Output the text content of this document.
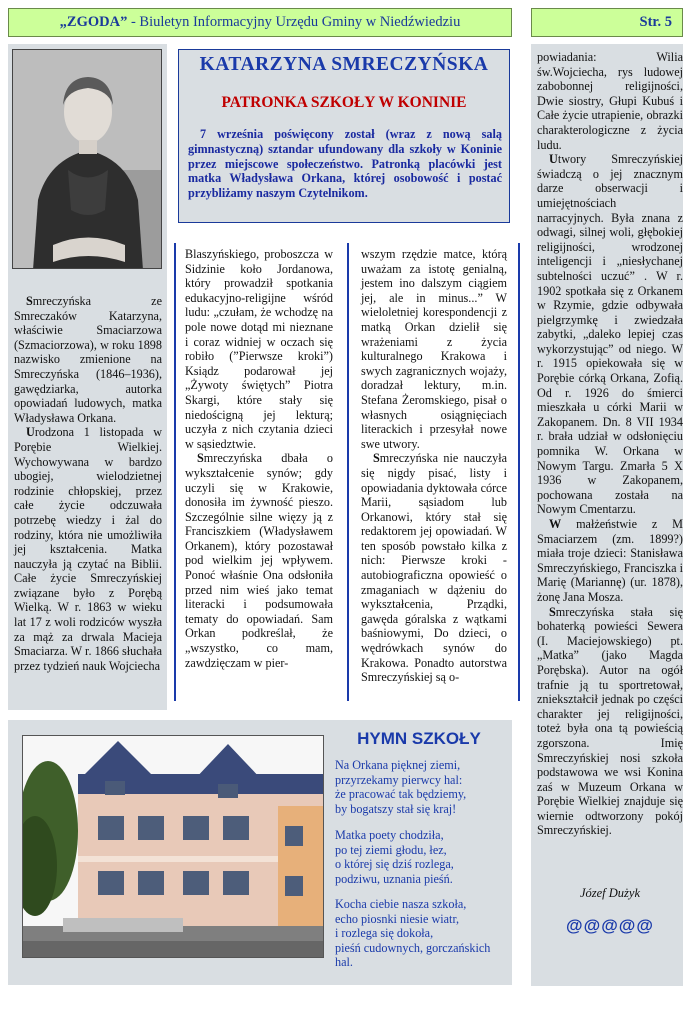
„ZGODA” - Biuletyn Informacyjny Urzędu Gminy w Niedźwiedziu	Str. 5

Smreczyńska ze Smreczaków Katarzyna, właściwie Smaciarzowa (Szmaciorzowa), w roku 1898 nazwisko zmienione na Smreczyńska (1846–1936), gawędziarka, autorka opowiadań ludowych, matka Władysława Orkana.

Urodzona 1 listopada w Porębie Wielkiej. Wychowywana w bardzo ubogiej, wielodzietnej rodzinie chłopskiej, przez całe życie odczuwała potrzebę wiedzy i żal do rodziny, która nie umożliwiła jej kształcenia. Matka nauczyła ją czytać na Biblii. Całe życie Smreczyńskiej związane było z Porębą Wielką. W r. 1863 w wieku lat 17 z woli rodziców wyszła za mąż za drwala Macieja Smaciarza. W r. 1866 słuchała przez tydzień nauk Wojciecha

KATARZYNA SMRECZYŃSKA
PATRONKA SZKOŁY W KONINIE
7 września poświęcony został (wraz z nową salą gimnastyczną) sztandar ufundowany dla szkoły w Koninie przez miejscowe społeczeństwo. Patronką placówki jest matka Władysława Orkana, której osobowość i postać przybliżamy naszym Czytelnikom.

Blaszyńskiego, proboszcza w Sidzinie koło Jordanowa, który prowadził spotkania edukacyjno-religijne wśród ludu: „czułam, że wchodzę na pole nowe dotąd mi nieznane i coraz widniej w oczach się robiło (”Pierwsze kroki”) Ksiądz podarował jej „Żywoty świętych” Piotra Skargi, które stały się niedościgną jej lekturą; uczyła z nich czytania dzieci w sąsiedztwie.

Smreczyńska dbała o wykształcenie synów; gdy uczyli się w Krakowie, donosiła im żywność pieszo. Szczególnie silne więzy ją z Franciszkiem (Władysławem Orkanem), który pozostawał pod wielkim jej wpływem. Ponoć właśnie Ona odsłoniła przed nim wieś jako temat literacki i podsumowała tematy do opowiadań. Sam Orkan podkreślał, że „wszystko, co mam, zawdzięczam w pier-

wszym rzędzie matce, którą uważam za istotę genialną, jestem ino dalszym ciągiem jej, ale in minus...” W wieloletniej korespondencji z matką Orkan dzielił się wrażeniami z życia kulturalnego Krakowa i swych zagranicznych wojaży, doradzał lektury, m.in. Stefana Żeromskiego, pisał o własnych osiągnięciach literackich i przesyłał nowe swe utwory.

Smreczyńska nie nauczyła się nigdy pisać, listy i opowiadania dyktowała córce Marii, sąsiadom lub Orkanowi, który stał się redaktorem jej opowiadań. W ten sposób powstało kilka z nich: Pierwsze kroki - autobiograficzna opowieść o zmaganiach w dążeniu do wykształcenia, Prządki, gawęda góralska z wątkami baśniowymi, Do dzieci, o wędrówkach synów do Krakowa. Ponadto autorstwa Smreczyńskiej są o-

HYMN SZKOŁY
Na Orkana pięknej ziemi,
przyrzekamy pierwcy hal:
że pracować tak będziemy,
by bogatszy stał się kraj!
Matka poety chodziła,
po tej ziemi głodu, łez,
o której się dziś rozlega,
podziwu, uznania pieśń.
Kocha ciebie nasza szkoła,
echo piosnki niesie wiatr,
i rozlega się dokoła,
pieśń cudownych, gorczańskich
hal.

powiadania: Wilia św.Wojciecha, rys ludowej zabobonnej religijności, Dwie siostry, Głupi Kubuś i Całe życie utrapienie, obrazki charakterologiczne z życia ludu.

Utwory Smreczyńskiej świadczą o jej znacznym darze obserwacji i umiejętnościach narracyjnych. Była znana z odwagi, silnej woli, głębokiej religijności, wrodzonej inteligencji i „niesłychanej subtelności uczuć” . W r. 1902 spotkała się z Orkanem w Rzymie, gdzie odbywała pielgrzymkę i zwiedzała zabytki, „daleko lepiej czas wykorzystując” od niego. W r. 1915 opiekowała się w Porębie córką Orkana, Zofią. Od r. 1926 do śmierci mieszkała u córki Marii w Zakopanem. Dn. 8 VII 1934 r. brała udział w odsłonięciu pomnika W. Orkana w Nowym Targu. Zmarła 5 X 1936 w Zakopanem, pochowana została na Nowym Cmentarzu.

W małżeństwie z M Smaciarzem (zm. 1899?) miała troje dzieci: Stanisława Smreczyńskiego, Franciszka i Marię (Mariannę) (ur. 1878), żonę Jana Mosza.

Smreczyńska stała się bohaterką powieści Sewera (I. Maciejowskiego) pt. „Matka” (jako Magda Porębska). Autor na ogół trafnie ją tu sportretował, zniekształcił jednak po części charakter jej religijności, toteż była ona tą powieścią zgorszona. Imię Smreczyńskiej nosi szkoła podstawowa we wsi Konina zaś w Muzeum Orkana w Porębie Wielkiej znajduje się wiernie odtworzony pokój Smreczyńskiej.

Józef Dużyk
@@@@@
